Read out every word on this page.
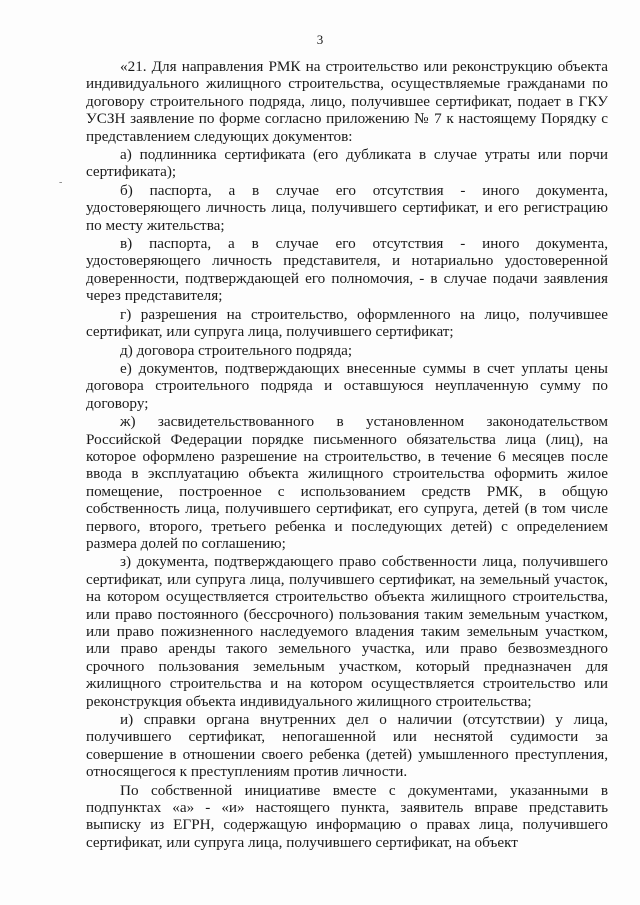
3
-

«21. Для направления РМК на строительство или реконструкцию объекта индивидуального жилищного строительства, осуществляемые гражданами по договору строительного подряда, лицо, получившее сертификат, подает в ГКУ УСЗН заявление по форме согласно приложению № 7 к настоящему Порядку с представлением следующих документов:

а) подлинника сертификата (его дубликата в случае утраты или порчи сертификата);

б) паспорта, а в случае его отсутствия - иного документа, удостоверяющего личность лица, получившего сертификат, и его регистрацию по месту жительства;

в) паспорта, а в случае его отсутствия - иного документа, удостоверяющего личность представителя, и нотариально удостоверенной доверенности, подтверждающей его полномочия, - в случае подачи заявления через представителя;

г) разрешения на строительство, оформленного на лицо, получившее сертификат, или супруга лица, получившего сертификат;

д) договора строительного подряда;

е) документов, подтверждающих внесенные суммы в счет уплаты цены договора строительного подряда и оставшуюся неуплаченную сумму по договору;

ж) засвидетельствованного в установленном законодательством Российской Федерации порядке письменного обязательства лица (лиц), на которое оформлено разрешение на строительство, в течение 6 месяцев после ввода в эксплуатацию объекта жилищного строительства оформить жилое помещение, построенное с использованием средств РМК, в общую собственность лица, получившего сертификат, его супруга, детей (в том числе первого, второго, третьего ребенка и последующих детей) с определением размера долей по соглашению;

з) документа, подтверждающего право собственности лица, получившего сертификат, или супруга лица, получившего сертификат, на земельный участок, на котором осуществляется строительство объекта жилищного строительства, или право постоянного (бессрочного) пользования таким земельным участком, или право пожизненного наследуемого владения таким земельным участком, или право аренды такого земельного участка, или право безвозмездного срочного пользования земельным участком, который предназначен для жилищного строительства и на котором осуществляется строительство или реконструкция объекта индивидуального жилищного строительства;

и) справки органа внутренних дел о наличии (отсутствии) у лица, получившего сертификат, непогашенной или неснятой судимости за совершение в отношении своего ребенка (детей) умышленного преступления, относящегося к преступлениям против личности.

По собственной инициативе вместе с документами, указанными в подпунктах «а» - «и» настоящего пункта, заявитель вправе представить выписку из ЕГРН, содержащую информацию о правах лица, получившего сертификат, или супруга лица, получившего сертификат, на объект
